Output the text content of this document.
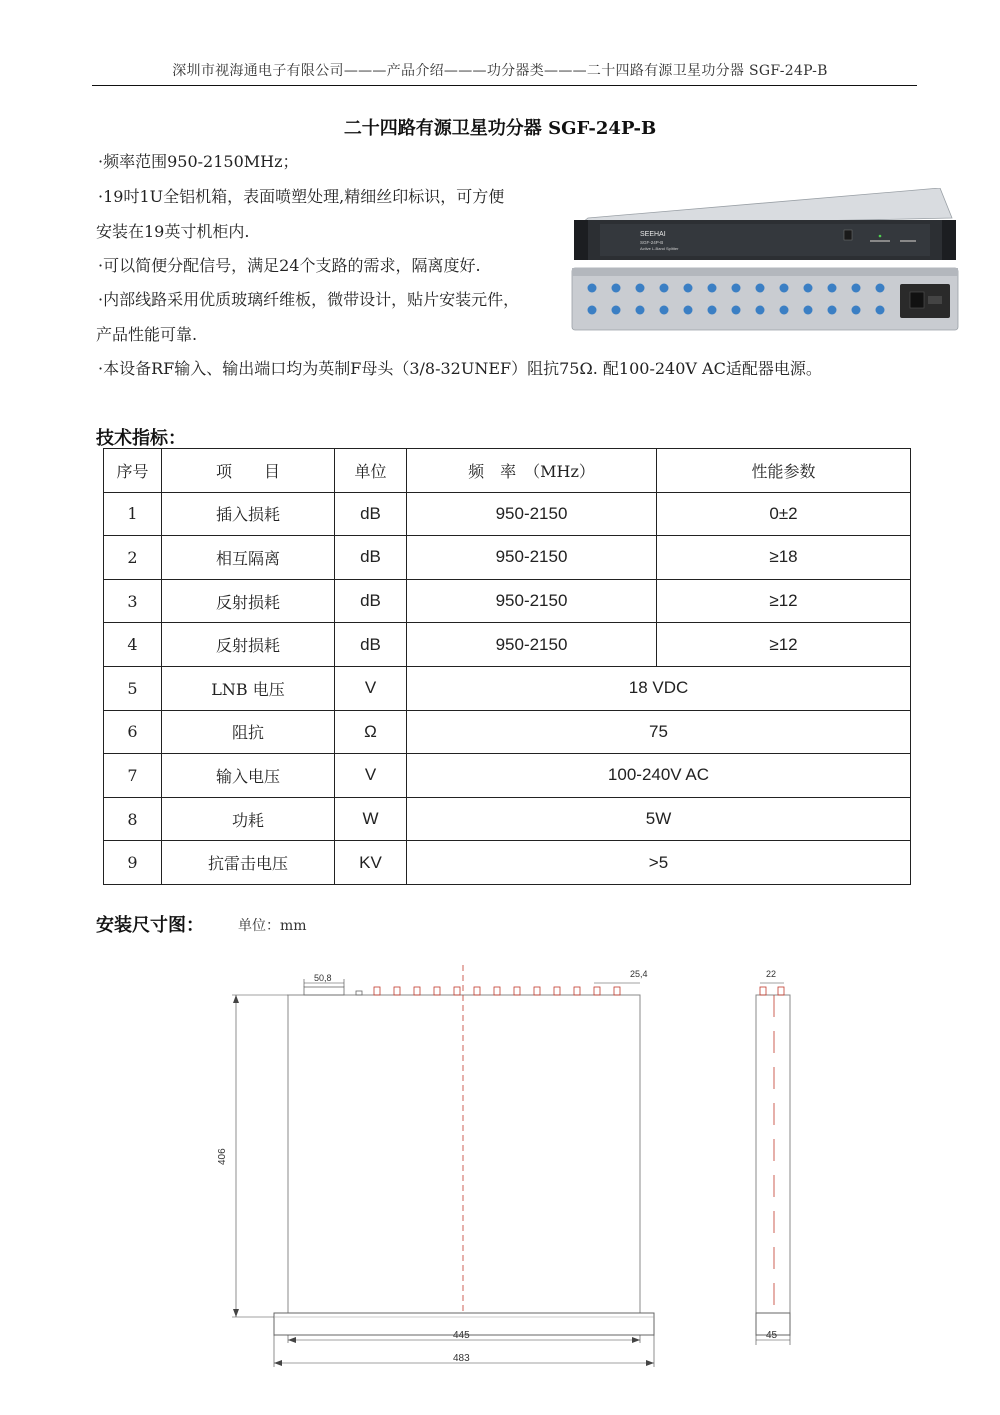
深圳市视海通电子有限公司———产品介绍———功分器类———二十四路有源卫星功分器 SGF-24P-B
二十四路有源卫星功分器 SGF-24P-B
·频率范围950-2150MHz；
·19吋1U全铝机箱，表面喷塑处理,精细丝印标识，可方便
安装在19英寸机柜内.
·可以简便分配信号，满足24个支路的需求，隔离度好.
·内部线路采用优质玻璃纤维板，微带设计，贴片安装元件，
产品性能可靠.
·本设备RF输入、输出端口均为英制F母头（3/8-32UNEF）阻抗75Ω. 配100-240V AC适配器电源。
SEEHAI
SGF-24P-B
Active L-Band Splitter
技术指标：
序号	项　　目	单位	频　率　（MHz）	性能参数
1	插入损耗	dB	950-2150	0±2
2	相互隔离	dB	950-2150	≥18
3	反射损耗	dB	950-2150	≥12
4	反射损耗	dB	950-2150	≥12
5	LNB 电压	V	18 VDC	
6	阻抗	Ω	75	
7	输入电压	V	100-240V AC	
8	功耗	W	5W	
9	抗雷击电压	KV	>5	
安装尺寸图： 单位：mm
50,8	25,4
406
445
483
22
45
